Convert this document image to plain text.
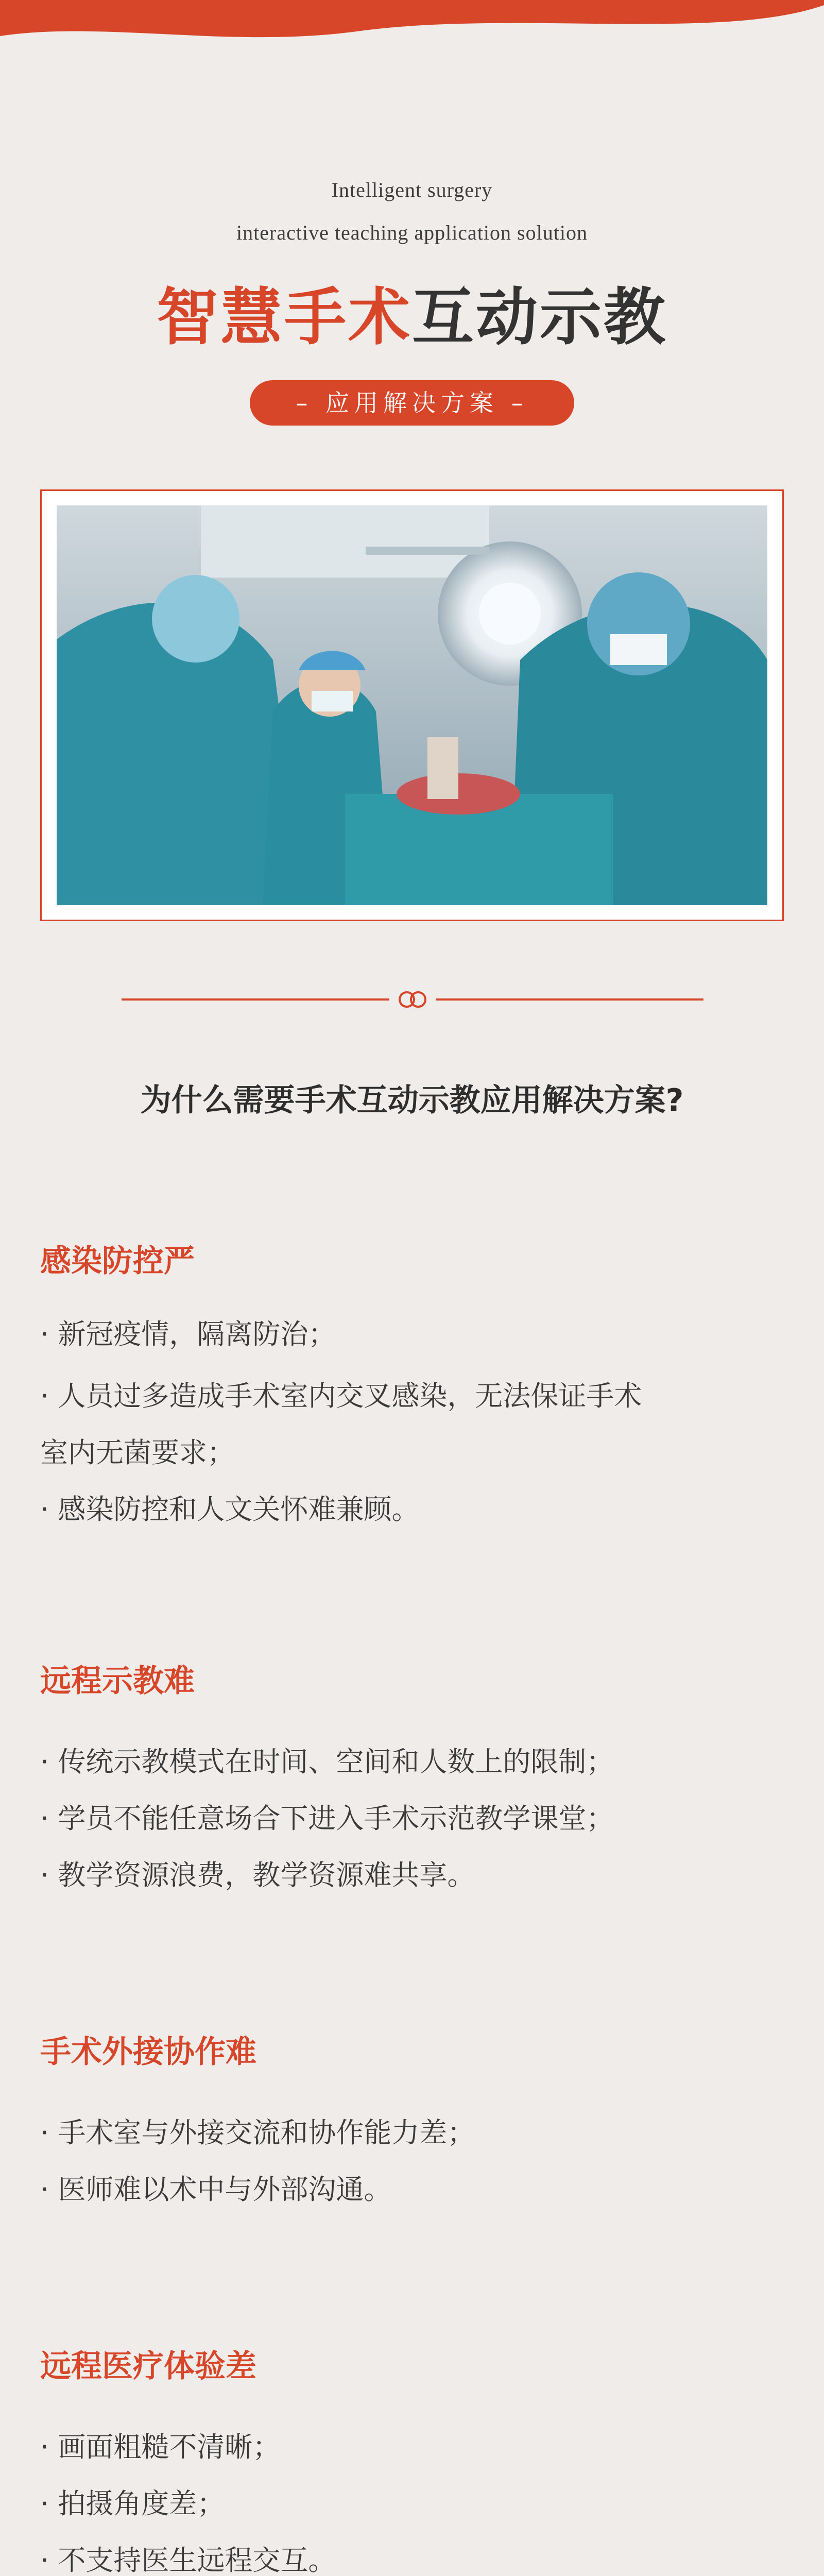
Intelligent surgery
interactive teaching application solution
智慧手术互动示教
– 应用解决方案 –
为什么需要手术互动示教应用解决方案?
感染防控严
· 新冠疫情，隔离防治；
· 人员过多造成手术室内交叉感染，无法保证手术
室内无菌要求；
· 感染防控和人文关怀难兼顾。
远程示教难
· 传统示教模式在时间、空间和人数上的限制；
· 学员不能任意场合下进入手术示范教学课堂；
· 教学资源浪费，教学资源难共享。
手术外接协作难
· 手术室与外接交流和协作能力差；
· 医师难以术中与外部沟通。
远程医疗体验差
· 画面粗糙不清晰；
· 拍摄角度差；
· 不支持医生远程交互。
